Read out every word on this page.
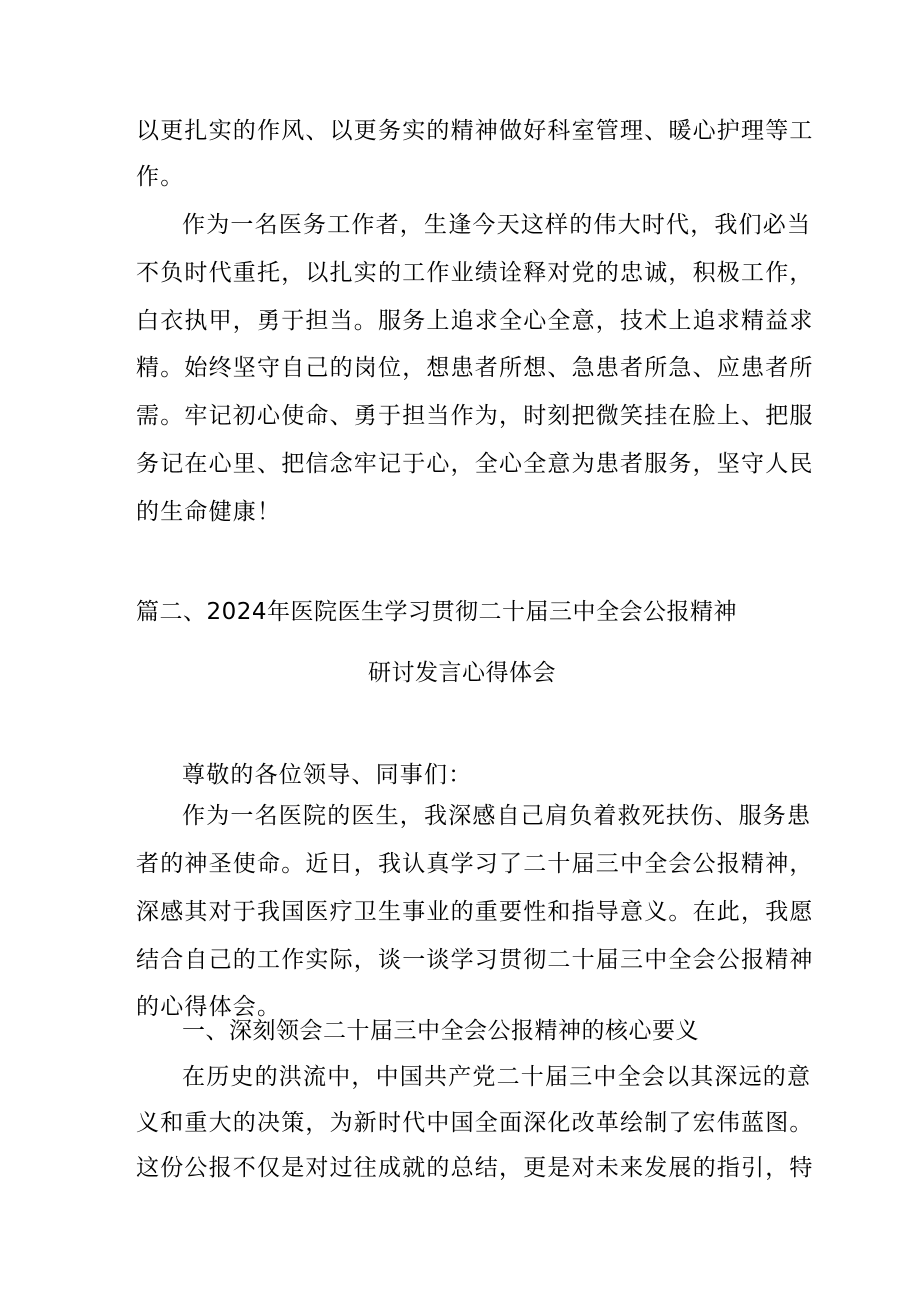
以更扎实的作风、以更务实的精神做好科室管理、暖心护理等工
作。
作为一名医务工作者，生逢今天这样的伟大时代，我们必当
不负时代重托，以扎实的工作业绩诠释对党的忠诚，积极工作，
白衣执甲，勇于担当。服务上追求全心全意，技术上追求精益求
精。始终坚守自己的岗位，想患者所想、急患者所急、应患者所
需。牢记初心使命、勇于担当作为，时刻把微笑挂在脸上、把服
务记在心里、把信念牢记于心，全心全意为患者服务，坚守人民
的生命健康！
篇二、2024年医院医生学习贯彻二十届三中全会公报精神
研讨发言心得体会
尊敬的各位领导、同事们：
作为一名医院的医生，我深感自己肩负着救死扶伤、服务患
者的神圣使命。近日，我认真学习了二十届三中全会公报精神，
深感其对于我国医疗卫生事业的重要性和指导意义。在此，我愿
结合自己的工作实际，谈一谈学习贯彻二十届三中全会公报精神
的心得体会。
一、深刻领会二十届三中全会公报精神的核心要义
在历史的洪流中，中国共产党二十届三中全会以其深远的意
义和重大的决策，为新时代中国全面深化改革绘制了宏伟蓝图。
这份公报不仅是对过往成就的总结，更是对未来发展的指引，特
